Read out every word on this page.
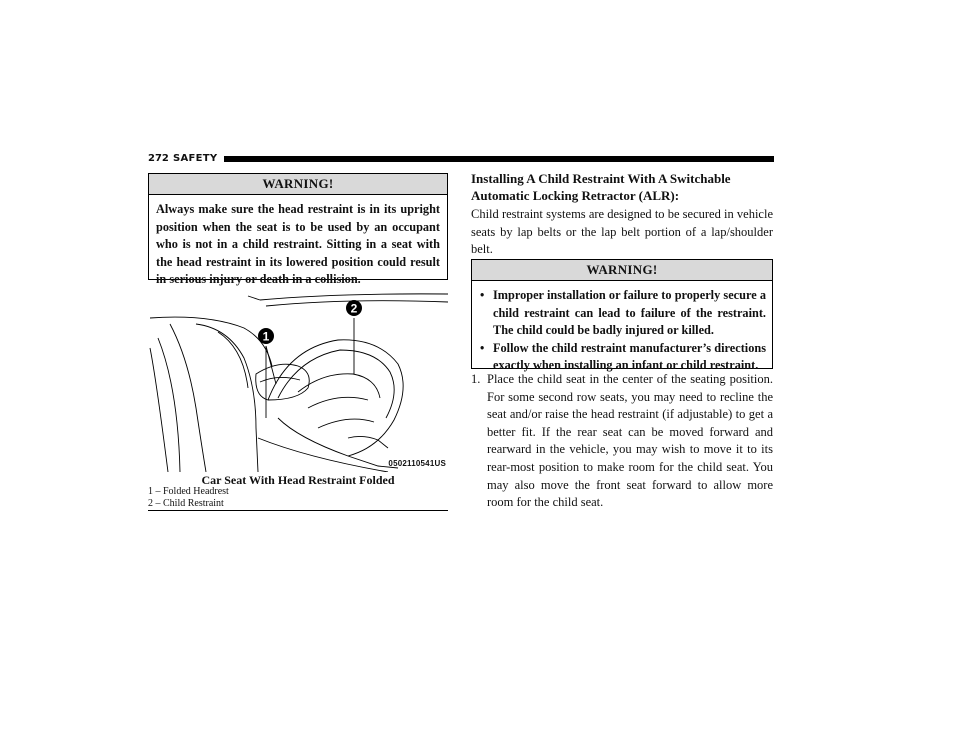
272 SAFETY
WARNING!
Always make sure the head restraint is in its upright position when the seat is to be used by an occupant who is not in a child restraint. Sitting in a seat with the head restraint in its lowered position could result in serious injury or death in a collision.
1
2
0502110541US
Car Seat With Head Restraint Folded
1 – Folded Headrest
2 – Child Restraint
Installing A Child Restraint With A Switchable Automatic Locking Retractor (ALR):
Child restraint systems are designed to be secured in vehicle seats by lap belts or the lap belt portion of a lap/shoulder belt.
WARNING!

• Improper installation or failure to properly secure a child restraint can lead to failure of the restraint. The child could be badly injured or killed.

• Follow the child restraint manufacturer’s directions exactly when installing an infant or child restraint.

1. Place the child seat in the center of the seating position. For some second row seats, you may need to recline the seat and/or raise the head restraint (if adjustable) to get a better fit. If the rear seat can be moved forward and rearward in the vehicle, you may wish to move it to its rear-most position to make room for the child seat. You may also move the front seat forward to allow more room for the child seat.
